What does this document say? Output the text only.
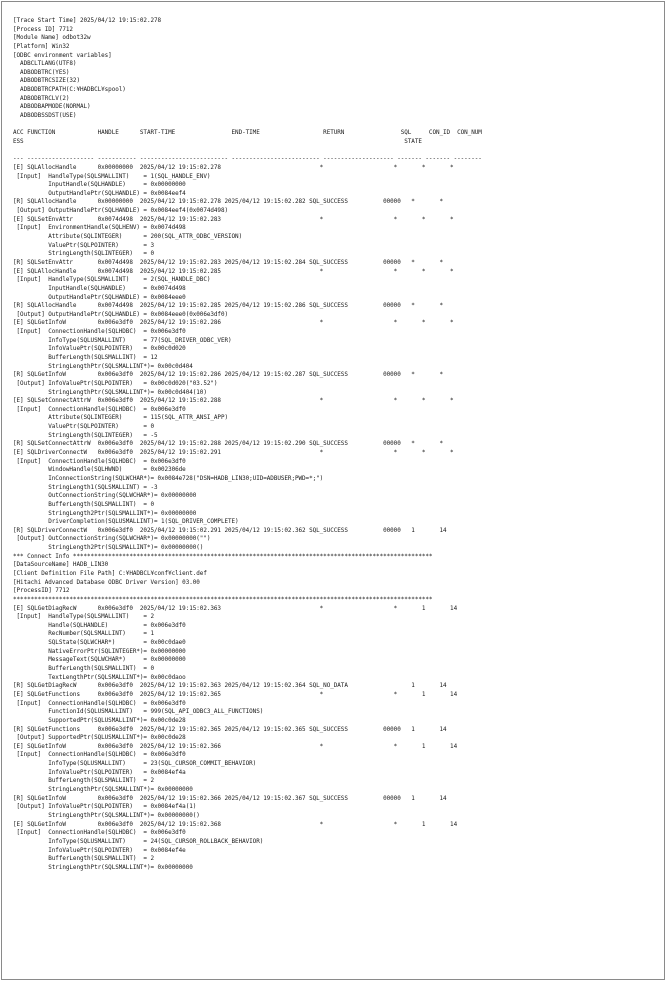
[Trace Start Time] 2025/04/12 19:15:02.278
[Process ID] 7712
[Module Name] odbot32w
[Platform] Win32
[ODBC environment variables]
ADBCLTLANG(UTF8)
ADBODBTRC(YES)
ADBODBTRCSIZE(32)
ADBODBTRCPATH(C:¥HADBCL¥spool)
ADBODBTRCLV(2)
ADBODBAPMODE(NORMAL)
ADBODBSSDST(USE)
ACC FUNCTION            HANDLE      START-TIME                END-TIME                  RETURN                SQL     CON_ID  CON_NUM
ESS                                                                                                            STATE
--- ------------------- ----------- ------------------------- ------------------------- -------------------- ------- ------- --------
[E] SQLAllocHandle      0x00000000  2025/04/12 19:15:02.278                            *                    *       *       *
[Input]  HandleType(SQLSMALLINT)    = 1(SQL_HANDLE_ENV)
InputHandle(SQLHANDLE)     = 0x00000000
OutputHandlePtr(SQLHANDLE) = 0x0084eef4
[R] SQLAllocHandle      0x00000000  2025/04/12 19:15:02.278 2025/04/12 19:15:02.282 SQL_SUCCESS          00000   *       *
[Output] OutputHandlePtr(SQLHANDLE) = 0x0084eef4(0x0074d498)
[E] SQLSetEnvAttr       0x0074d498  2025/04/12 19:15:02.283                            *                    *       *       *
[Input]  EnvironmentHandle(SQLHENV) = 0x0074d498
Attribute(SQLINTEGER)      = 200(SQL_ATTR_ODBC_VERSION)
ValuePtr(SQLPOINTER)       = 3
StringLength(SQLINTEGER)   = 0
[R] SQLSetEnvAttr       0x0074d498  2025/04/12 19:15:02.283 2025/04/12 19:15:02.284 SQL_SUCCESS          00000   *       *
[E] SQLAllocHandle      0x0074d498  2025/04/12 19:15:02.285                            *                    *       *       *
[Input]  HandleType(SQLSMALLINT)    = 2(SQL_HANDLE_DBC)
InputHandle(SQLHANDLE)     = 0x0074d498
OutputHandlePtr(SQLHANDLE) = 0x0084eee0
[R] SQLAllocHandle      0x0074d498  2025/04/12 19:15:02.285 2025/04/12 19:15:02.286 SQL_SUCCESS          00000   *       *
[Output] OutputHandlePtr(SQLHANDLE) = 0x0084eee0(0x006e3df0)
[E] SQLGetInfoW         0x006e3df0  2025/04/12 19:15:02.286                            *                    *       *       *
[Input]  ConnectionHandle(SQLHDBC)  = 0x006e3df0
InfoType(SQLUSMALLINT)     = 77(SQL_DRIVER_ODBC_VER)
InfoValuePtr(SQLPOINTER)   = 0x00c0d020
BufferLength(SQLSMALLINT)  = 12
StringLengthPtr(SQLSMALLINT*)= 0x00c0d404
[R] SQLGetInfoW         0x006e3df0  2025/04/12 19:15:02.286 2025/04/12 19:15:02.287 SQL_SUCCESS          00000   *       *
[Output] InfoValuePtr(SQLPOINTER)   = 0x00c0d020("03.52")
StringLengthPtr(SQLSMALLINT*)= 0x00c0d404(10)
[E] SQLSetConnectAttrW  0x006e3df0  2025/04/12 19:15:02.288                            *                    *       *       *
[Input]  ConnectionHandle(SQLHDBC)  = 0x006e3df0
Attribute(SQLINTEGER)      = 115(SQL_ATTR_ANSI_APP)
ValuePtr(SQLPOINTER)       = 0
StringLength(SQLINTEGER)   = -5
[R] SQLSetConnectAttrW  0x006e3df0  2025/04/12 19:15:02.288 2025/04/12 19:15:02.290 SQL_SUCCESS          00000   *       *
[E] SQLDriverConnectW   0x006e3df0  2025/04/12 19:15:02.291                            *                    *       *       *
[Input]  ConnectionHandle(SQLHDBC)  = 0x006e3df0
WindowHandle(SQLHWND)      = 0x002306de
InConnectionString(SQLWCHAR*)= 0x0084e728("DSN=HADB_LIN30;UID=ADBUSER;PWD=*;")
StringLength1(SQLSMALLINT) = -3
OutConnectionString(SQLWCHAR*)= 0x00000000
BufferLength(SQLSMALLINT)  = 0
StringLength2Ptr(SQLSMALLINT*)= 0x00000000
DriverCompletion(SQLUSMALLINT)= 1(SQL_DRIVER_COMPLETE)
[R] SQLDriverConnectW   0x006e3df0  2025/04/12 19:15:02.291 2025/04/12 19:15:02.362 SQL_SUCCESS          00000   1       14
[Output] OutConnectionString(SQLWCHAR*)= 0x00000000("")
StringLength2Ptr(SQLSMALLINT*)= 0x00000000()
*** Connect Info ******************************************************************************************************
[DataSourceName] HADB_LIN30
[Client Definition File Path] C:¥HADBCL¥conf¥client.def
[Hitachi Advanced Database ODBC Driver Version] 03.00
[ProcessID] 7712
***********************************************************************************************************************
[E] SQLGetDiagRecW      0x006e3df0  2025/04/12 19:15:02.363                            *                    *       1       14
[Input]  HandleType(SQLSMALLINT)    = 2
Handle(SQLHANDLE)          = 0x006e3df0
RecNumber(SQLSMALLINT)     = 1
SQLState(SQLWCHAR*)        = 0x00c0dae0
NativeErrorPtr(SQLINTEGER*)= 0x00000000
MessageText(SQLWCHAR*)     = 0x00000000
BufferLength(SQLSMALLINT)  = 0
TextLengthPtr(SQLSMALLINT*)= 0x00c0daoo
[R] SQLGetDiagRecW      0x006e3df0  2025/04/12 19:15:02.363 2025/04/12 19:15:02.364 SQL_NO_DATA                  1       14
[E] SQLGetFunctions     0x006e3df0  2025/04/12 19:15:02.365                            *                    *       1       14
[Input]  ConnectionHandle(SQLHDBC)  = 0x006e3df0
FunctionId(SQLUSMALLINT)   = 999(SQL_API_ODBC3_ALL_FUNCTIONS)
SupportedPtr(SQLUSMALLINT*)= 0x00c0de28
[R] SQLGetFunctions     0x006e3df0  2025/04/12 19:15:02.365 2025/04/12 19:15:02.365 SQL_SUCCESS          00000   1       14
[Output] SupportedPtr(SQLUSMALLINT*)= 0x00c0de28
[E] SQLGetInfoW         0x006e3df0  2025/04/12 19:15:02.366                            *                    *       1       14
[Input]  ConnectionHandle(SQLHDBC)  = 0x006e3df0
InfoType(SQLUSMALLINT)     = 23(SQL_CURSOR_COMMIT_BEHAVIOR)
InfoValuePtr(SQLPOINTER)   = 0x0084ef4a
BufferLength(SQLSMALLINT)  = 2
StringLengthPtr(SQLSMALLINT*)= 0x00000000
[R] SQLGetInfoW         0x006e3df0  2025/04/12 19:15:02.366 2025/04/12 19:15:02.367 SQL_SUCCESS          00000   1       14
[Output] InfoValuePtr(SQLPOINTER)   = 0x0084ef4a(1)
StringLengthPtr(SQLSMALLINT*)= 0x00000000()
[E] SQLGetInfoW         0x006e3df0  2025/04/12 19:15:02.368                            *                    *       1       14
[Input]  ConnectionHandle(SQLHDBC)  = 0x006e3df0
InfoType(SQLUSMALLINT)     = 24(SQL_CURSOR_ROLLBACK_BEHAVIOR)
InfoValuePtr(SQLPOINTER)   = 0x0084ef4e
BufferLength(SQLSMALLINT)  = 2
StringLengthPtr(SQLSMALLINT*)= 0x00000000
